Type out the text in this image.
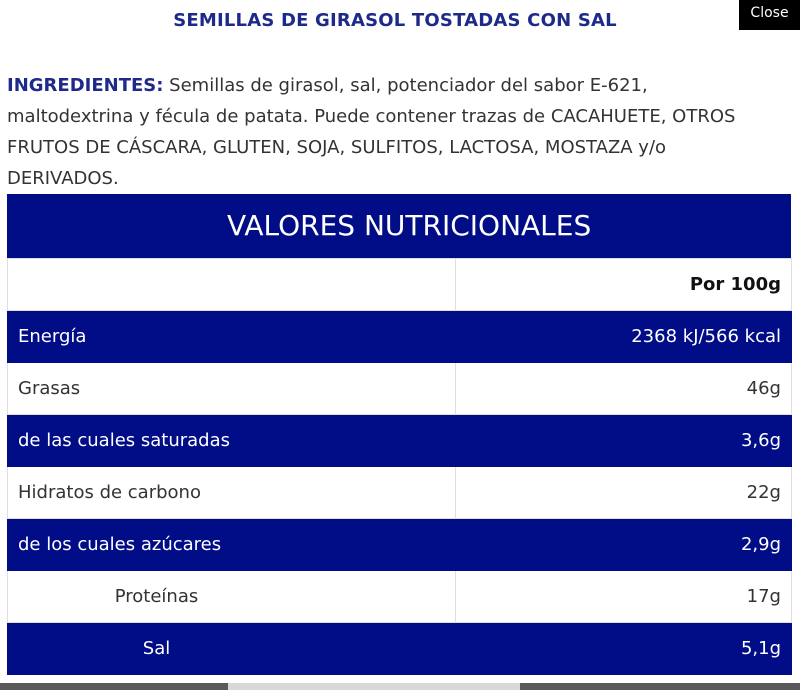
Close
SEMILLAS DE GIRASOL TOSTADAS CON SAL
INGREDIENTES: Semillas de girasol, sal, potenciador del sabor E-621, maltodextrina y fécula de patata. Puede contener trazas de CACAHUETE, OTROS FRUTOS DE CÁSCARA, GLUTEN, SOJA, SULFITOS, LACTOSA, MOSTAZA y/o DERIVADOS.
VALORES NUTRICIONALES
	Por 100g
Energía	2368 kJ/566 kcal
Grasas	46g
de las cuales saturadas	3,6g
Hidratos de carbono	22g
de los cuales azúcares	2,9g
Proteínas	17g
Sal	5,1g
